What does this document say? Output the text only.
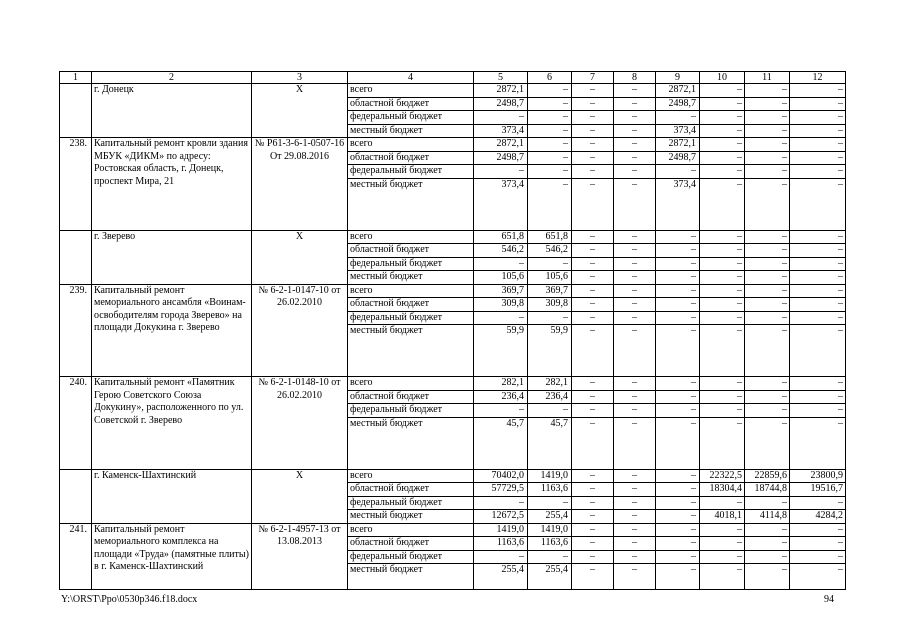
1	2	3	4	5	6	7	8	9	10	11	12
	г. Донецк	Х	всего	2872,1	–	–	–	2872,1	–	–	–
			областной бюджет	2498,7	–	–	–	2498,7	–	–	–
			федеральный бюджет	–	–	–	–	–	–	–	–
			местный бюджет	373,4	–	–	–	373,4	–	–	–
238.	Капитальный ремонт кровли здания МБУК «ДИКМ» по адресу: Ростовская область, г. Донецк, проспект Мира, 21	№ Р61-3-6-1-0507-16 От 29.08.2016	всего	2872,1	–	–	–	2872,1	–	–	–
			областной бюджет	2498,7	–	–	–	2498,7	–	–	–
			федеральный бюджет	–	–	–	–	–	–	–	–
			местный бюджет	373,4	–	–	–	373,4	–	–	–
	г. Зверево	Х	всего	651,8	651,8	–	–	–	–	–	–
			областной бюджет	546,2	546,2	–	–	–	–	–	–
			федеральный бюджет	–	–	–	–	–	–	–	–
			местный бюджет	105,6	105,6	–	–	–	–	–	–
239.	Капитальный ремонт мемориального ансамбля «Воинам-освободителям города Зверево» на площади Докукина г. Зверево	№ 6-2-1-0147-10 от 26.02.2010	всего	369,7	369,7	–	–	–	–	–	–
			областной бюджет	309,8	309,8	–	–	–	–	–	–
			федеральный бюджет	–	–	–	–	–	–	–	–
			местный бюджет	59,9	59,9	–	–	–	–	–	–
240.	Капитальный ремонт «Памятник Герою Советского Союза Докукину», расположенного по ул. Советской г. Зверево	№ 6-2-1-0148-10 от 26.02.2010	всего	282,1	282,1	–	–	–	–	–	–
			областной бюджет	236,4	236,4	–	–	–	–	–	–
			федеральный бюджет	–	–	–	–	–	–	–	–
			местный бюджет	45,7	45,7	–	–	–	–	–	–
	г. Каменск-Шахтинский	Х	всего	70402,0	1419,0	–	–	–	22322,5	22859,6	23800,9
			областной бюджет	57729,5	1163,6	–	–	–	18304,4	18744,8	19516,7
			федеральный бюджет	–	–	–	–	–	–	–	–
			местный бюджет	12672,5	255,4	–	–	–	4018,1	4114,8	4284,2
241.	Капитальный ремонт мемориального комплекса на площади «Труда» (памятные плиты) в г. Каменск-Шахтинский	№ 6-2-1-4957-13 от 13.08.2013	всего	1419,0	1419,0	–	–	–	–	–	–
			областной бюджет	1163,6	1163,6	–	–	–	–	–	–
			федеральный бюджет	–	–	–	–	–	–	–	–
			местный бюджет	255,4	255,4	–	–	–	–	–	–
Y:\ORST\Ppo\0530p346.f18.docx	94
